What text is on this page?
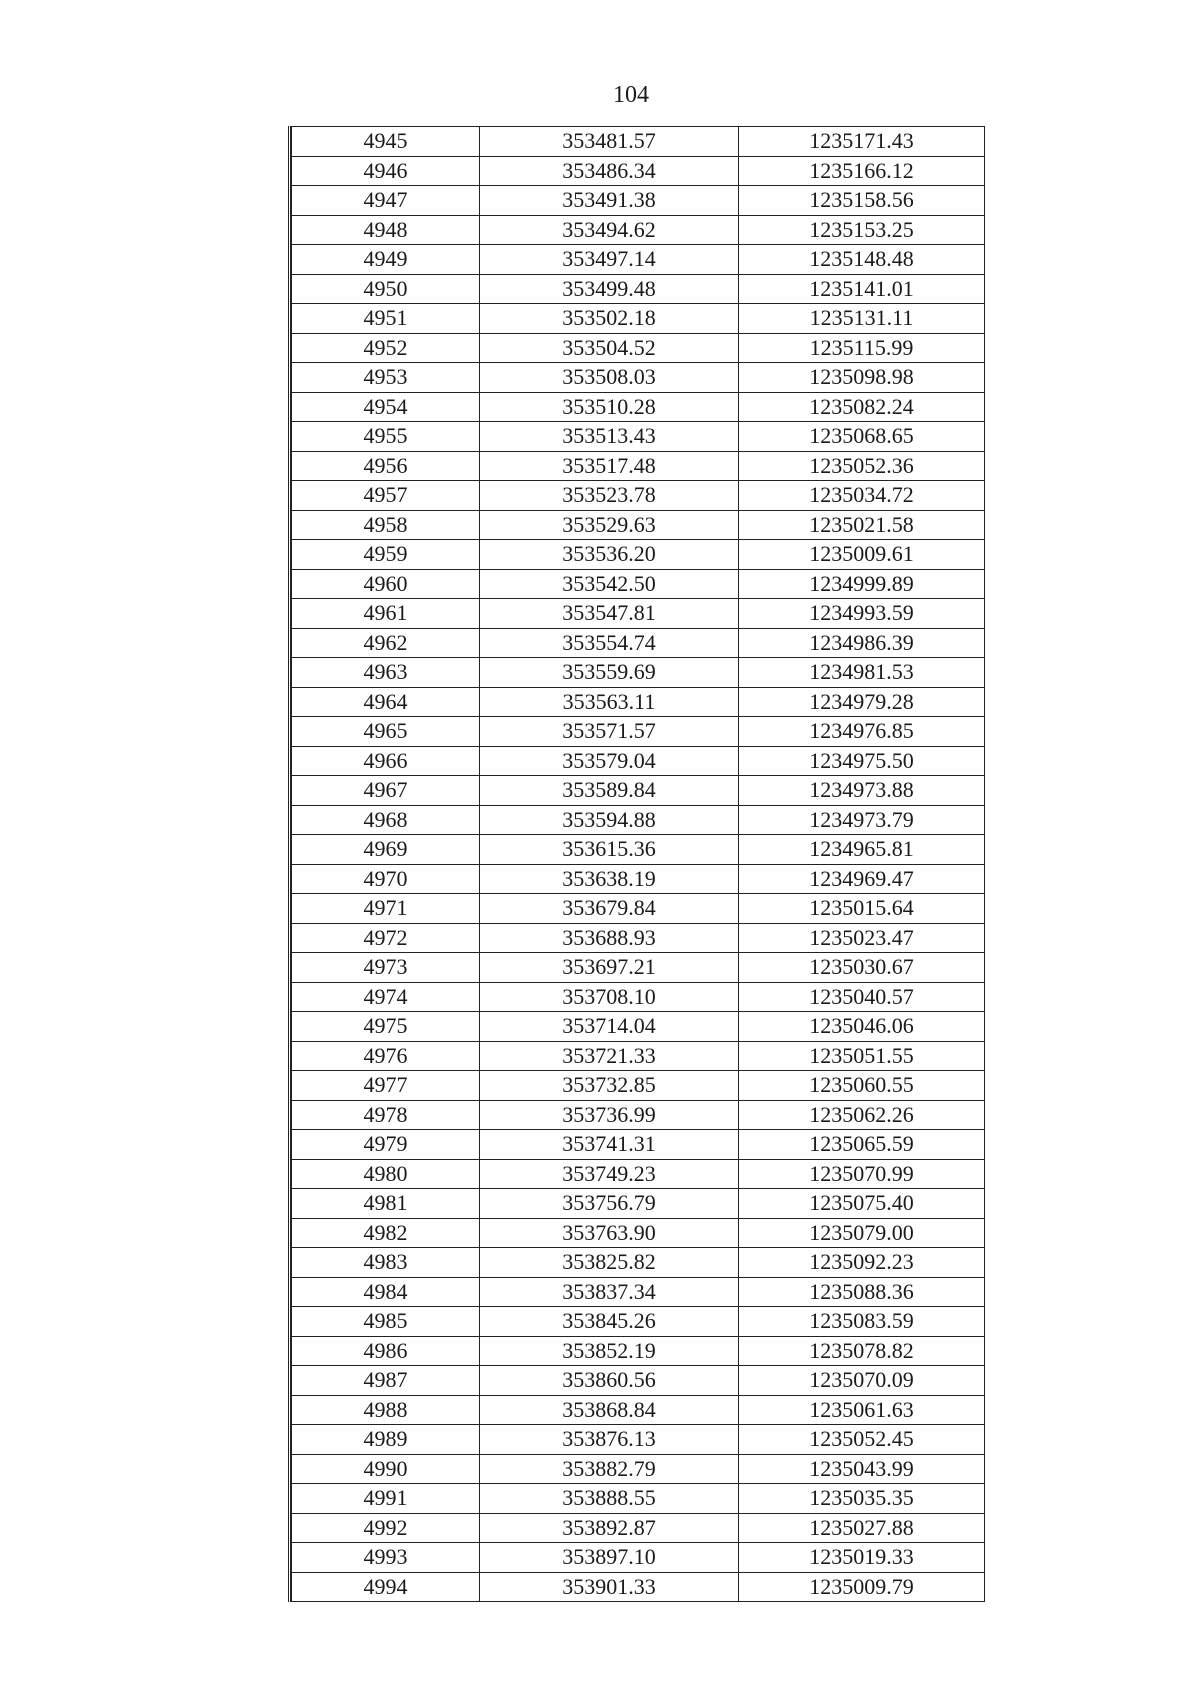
104
4945	353481.57	1235171.43
4946	353486.34	1235166.12
4947	353491.38	1235158.56
4948	353494.62	1235153.25
4949	353497.14	1235148.48
4950	353499.48	1235141.01
4951	353502.18	1235131.11
4952	353504.52	1235115.99
4953	353508.03	1235098.98
4954	353510.28	1235082.24
4955	353513.43	1235068.65
4956	353517.48	1235052.36
4957	353523.78	1235034.72
4958	353529.63	1235021.58
4959	353536.20	1235009.61
4960	353542.50	1234999.89
4961	353547.81	1234993.59
4962	353554.74	1234986.39
4963	353559.69	1234981.53
4964	353563.11	1234979.28
4965	353571.57	1234976.85
4966	353579.04	1234975.50
4967	353589.84	1234973.88
4968	353594.88	1234973.79
4969	353615.36	1234965.81
4970	353638.19	1234969.47
4971	353679.84	1235015.64
4972	353688.93	1235023.47
4973	353697.21	1235030.67
4974	353708.10	1235040.57
4975	353714.04	1235046.06
4976	353721.33	1235051.55
4977	353732.85	1235060.55
4978	353736.99	1235062.26
4979	353741.31	1235065.59
4980	353749.23	1235070.99
4981	353756.79	1235075.40
4982	353763.90	1235079.00
4983	353825.82	1235092.23
4984	353837.34	1235088.36
4985	353845.26	1235083.59
4986	353852.19	1235078.82
4987	353860.56	1235070.09
4988	353868.84	1235061.63
4989	353876.13	1235052.45
4990	353882.79	1235043.99
4991	353888.55	1235035.35
4992	353892.87	1235027.88
4993	353897.10	1235019.33
4994	353901.33	1235009.79
